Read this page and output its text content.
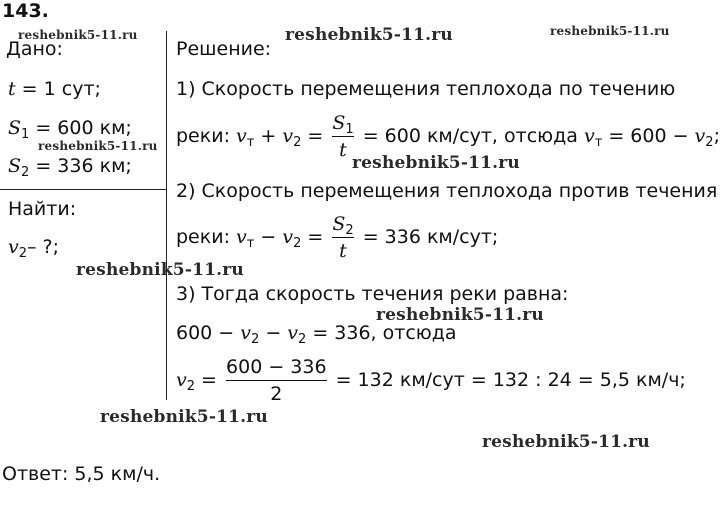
143.
Дано:
t = 1 сут;
$S_1 = 600$ км;
$S_2 = 336$ км;
Найти:
$v_2-$ ?;
Решение:
1) Скорость перемещения теплохода по течению
реки: $v_т + v_2 = \frac{S_1}{t} = 600$ км/сут, отсюда $v_т = 600 - v_2$;
2) Скорость перемещения теплохода против течения
реки: $v_т - v_2 = \frac{S_2}{t} = 336$ км/сут;
3) Тогда скорость течения реки равна:
$600 - v_2 - v_2 = 336$, отсюда
$v_2 = \frac{600 - 336}{2} = 132$ км/сут = 132 : 24 = 5,5 км/ч;
Ответ: 5,5 км/ч.
reshebnik5-11.ru	reshebnik5-11.ru	reshebnik5-11.ru
reshebnik5-11.ru
reshebnik5-11.ru
reshebnik5-11.ru
reshebnik5-11.ru
reshebnik5-11.ru
reshebnik5-11.ru
